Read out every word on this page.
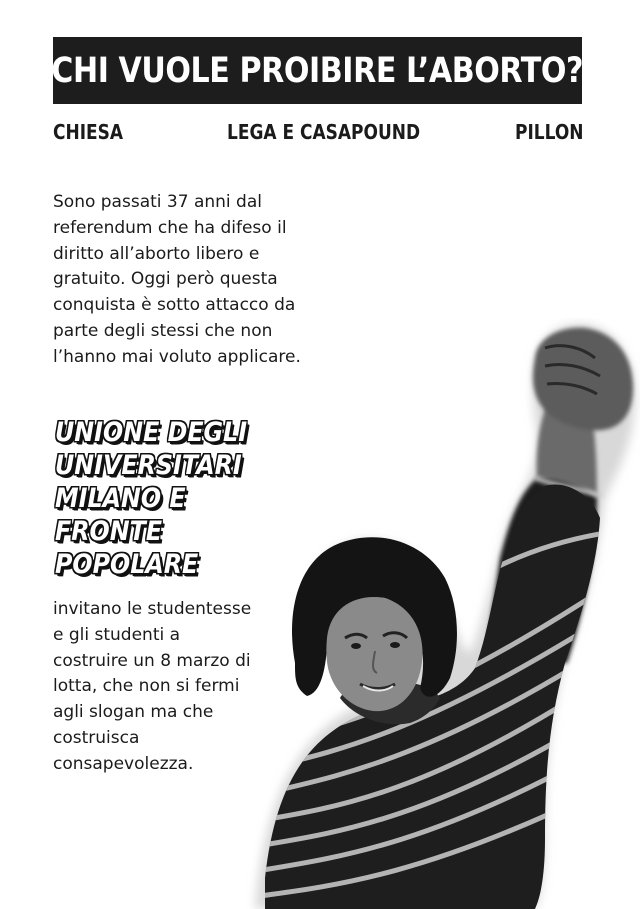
CHI VUOLE PROIBIRE L’ABORTO?
CHIESA	LEGA E CASAPOUND	PILLON

Sono passati 37 anni dal referendum che ha difeso il diritto all’aborto libero e gratuito. Oggi però questa conquista è sotto attacco da parte degli stessi che non l’hanno mai voluto applicare.

UNIONE DEGLI
UNIVERSITARI
MILANO E
FRONTE
POPOLARE

invitano le studentesse e gli studenti a costruire un 8 marzo di lotta, che non si fermi agli slogan ma che costruisca consapevolezza.
